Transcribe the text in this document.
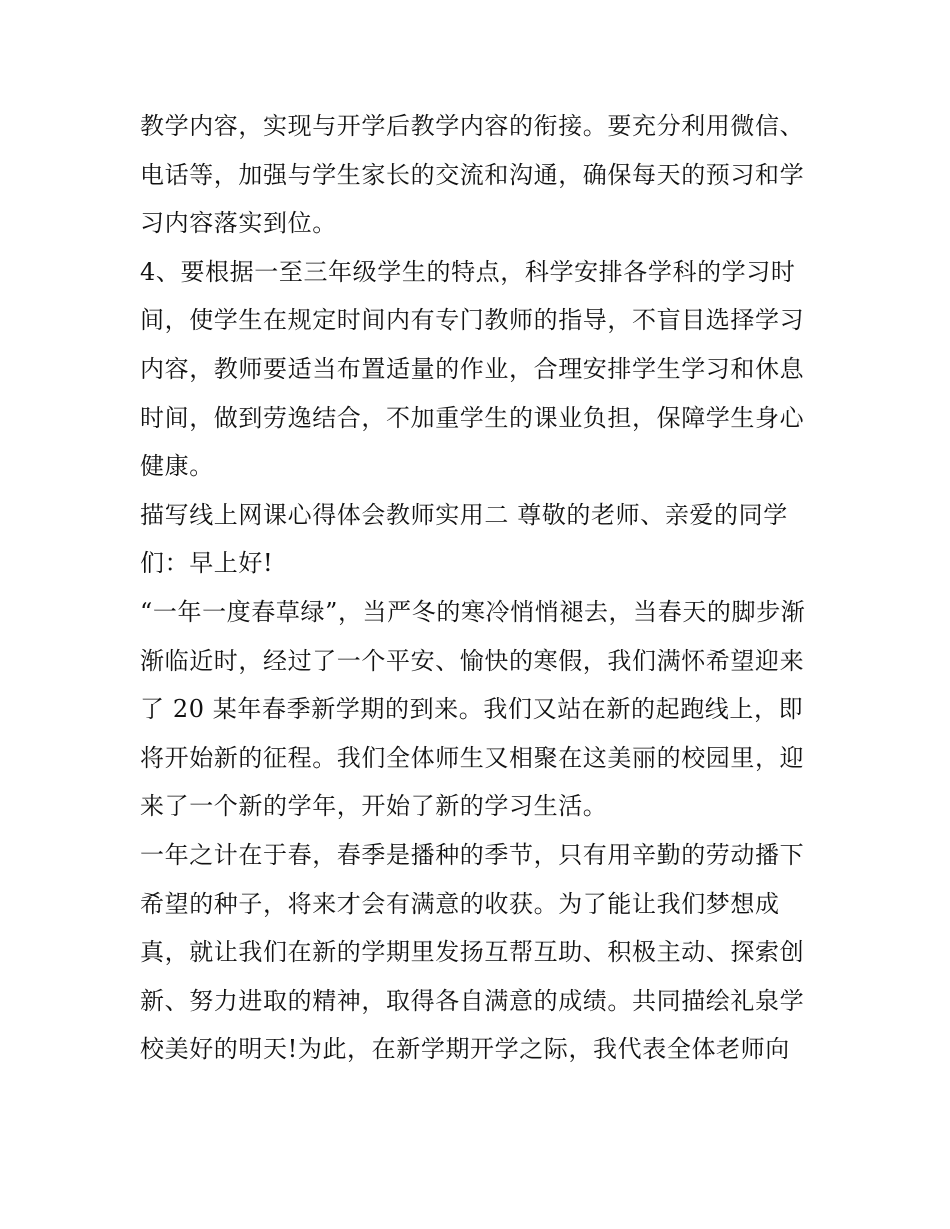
教学内容，实现与开学后教学内容的衔接。要充分利用微信、
电话等，加强与学生家长的交流和沟通，确保每天的预习和学
习内容落实到位。
4、要根据一至三年级学生的特点，科学安排各学科的学习时
间，使学生在规定时间内有专门教师的指导，不盲目选择学习
内容，教师要适当布置适量的作业，合理安排学生学习和休息
时间，做到劳逸结合，不加重学生的课业负担，保障学生身心
健康。
描写线上网课心得体会教师实用二 尊敬的老师、亲爱的同学
们：早上好!
“一年一度春草绿”，当严冬的寒冷悄悄褪去，当春天的脚步渐
渐临近时，经过了一个平安、愉快的寒假，我们满怀希望迎来
了 20 某年春季新学期的到来。我们又站在新的起跑线上，即
将开始新的征程。我们全体师生又相聚在这美丽的校园里，迎
来了一个新的学年，开始了新的学习生活。
一年之计在于春，春季是播种的季节，只有用辛勤的劳动播下
希望的种子，将来才会有满意的收获。为了能让我们梦想成
真，就让我们在新的学期里发扬互帮互助、积极主动、探索创
新、努力进取的精神，取得各自满意的成绩。共同描绘礼泉学
校美好的明天!为此，在新学期开学之际，我代表全体老师向
